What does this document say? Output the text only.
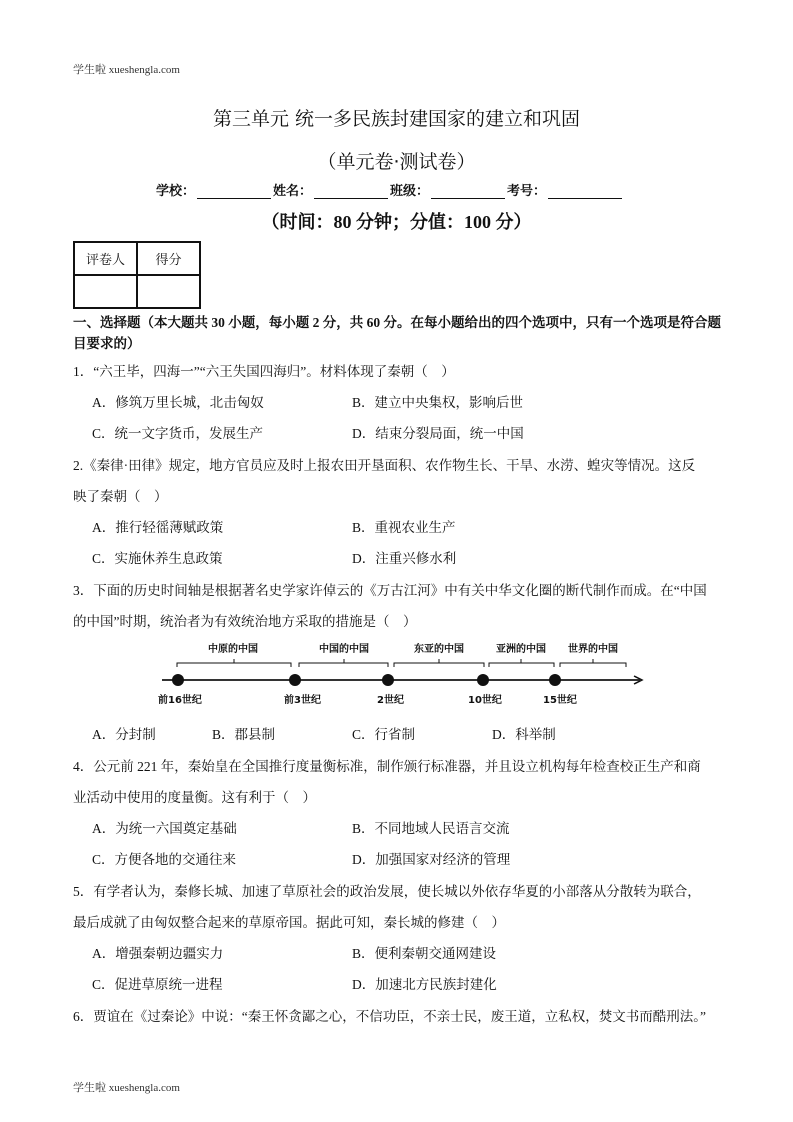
学生啦 xueshengla.com
第三单元 统一多民族封建国家的建立和巩固
（单元卷·测试卷）
学校：	姓名：	班级：	考号：
（时间：80 分钟；分值：100 分）
评卷人	得分

一、选择题（本大题共 30 小题，每小题 2 分，共 60 分。在每小题给出的四个选项中，只有一个选项是符合题目要求的）
1．“六王毕，四海一”“六王失国四海归”。材料体现了秦朝（　）
A．修筑万里长城，北击匈奴	B．建立中央集权，影响后世
C．统一文字货币，发展生产	D．结束分裂局面，统一中国
2.《秦律·田律》规定，地方官员应及时上报农田开垦面积、农作物生长、干旱、水涝、蝗灾等情况。这反
映了秦朝（　）
A．推行轻徭薄赋政策	B．重视农业生产
C．实施休养生息政策	D．注重兴修水利
3．下面的历史时间轴是根据著名史学家许倬云的《万古江河》中有关中华文化圈的断代制作而成。在“中国
的中国”时期，统治者为有效统治地方采取的措施是（　）
中原的中国	中国的中国	东亚的中国	亚洲的中国 世界的中国
前16世纪	前3世纪	2世纪	10世纪	15世纪
A．分封制	B．郡县制	C．行省制	D．科举制
4．公元前 221 年，秦始皇在全国推行度量衡标准，制作颁行标准器，并且设立机构每年检查校正生产和商
业活动中使用的度量衡。这有利于（　）
A．为统一六国奠定基础	B．不同地域人民语言交流
C．方便各地的交通往来	D．加强国家对经济的管理
5．有学者认为，秦修长城、加速了草原社会的政治发展，使长城以外依存华夏的小部落从分散转为联合，
最后成就了由匈奴整合起来的草原帝国。据此可知，秦长城的修建（　）
A．增强秦朝边疆实力	B．便利秦朝交通网建设
C．促进草原统一进程	D．加速北方民族封建化
6．贾谊在《过秦论》中说：“秦王怀贪鄙之心，不信功臣，不亲士民，废王道，立私权，焚文书而酷刑法。”
学生啦 xueshengla.com
